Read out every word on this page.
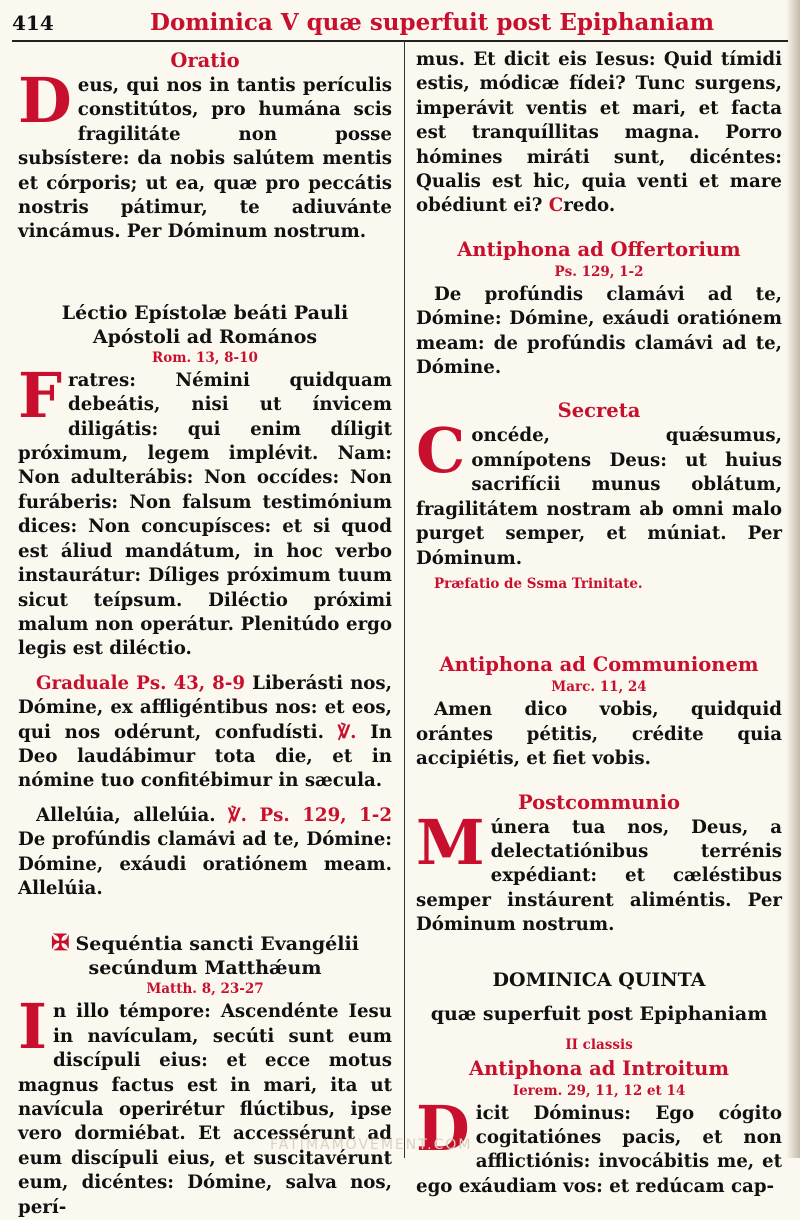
414	Dominica V quæ superfuit post Epiphaniam

Oratio

Deus, qui nos in tantis perículis constitútos, pro humána scis fragilitáte non posse subsístere: da nobis salútem mentis et córporis; ut ea, quæ pro peccátis nostris pátimur, te adiuvánte vincámus. Per Dóminum nostrum.

Léctio Epístolæ beáti Pauli Apóstoli ad Romános

Rom. 13, 8-10

Fratres: Némini quidquam debeátis, nisi ut ínvicem diligátis: qui enim díligit próximum, legem implévit. Nam: Non adulterábis: Non occídes: Non furáberis: Non falsum testimónium dices: Non concupísces: et si quod est áliud mandátum, in hoc verbo instaurátur: Díliges próximum tuum sicut teípsum. Diléctio próximi malum non operátur. Plenitúdo ergo legis est diléctio.

Graduale Ps. 43, 8-9 Liberásti nos, Dómine, ex affligéntibus nos: et eos, qui nos odérunt, confudísti. ℣. In Deo laudábimur tota die, et in nómine tuo confitébimur in sæcula.

Allelúia, allelúia. ℣. Ps. 129, 1-2 De profúndis clamávi ad te, Dómine: Dómine, exáudi oratiónem meam. Allelúia.

✠ Sequéntia sancti Evangélii secúndum Matthǽum

Matth. 8, 23-27

In illo témpore: Ascendénte Iesu in navículam, secúti sunt eum discípuli eius: et ecce motus magnus factus est in mari, ita ut navícula operirétur flúctibus, ipse vero dormiébat. Et accessérunt ad eum discípuli eius, et suscitavérunt eum, dicéntes: Dómine, salva nos, perí-

mus. Et dicit eis Iesus: Quid tímidi estis, módicæ fídei? Tunc surgens, imperávit ventis et mari, et facta est tranquíllitas magna. Porro hómines miráti sunt, dicéntes: Qualis est hic, quia venti et mare obédiunt ei? Credo.

Antiphona ad Offertorium

Ps. 129, 1-2

De profúndis clamávi ad te, Dómine: Dómine, exáudi oratiónem meam: de profúndis clamávi ad te, Dómine.

Secreta

Concéde, quǽsumus, omnípotens Deus: ut huius sacrifícii munus oblátum, fragilitátem nostram ab omni malo purget semper, et múniat. Per Dóminum.

Præfatio de Ssma Trinitate.

Antiphona ad Communionem

Marc. 11, 24

Amen dico vobis, quidquid orántes pétitis, crédite quia accipiétis, et fiet vobis.

Postcommunio

Múnera tua nos, Deus, a delectatiónibus terrénis expédiant: et cæléstibus semper instáurent aliméntis. Per Dóminum nostrum.

DOMINICA QUINTA

quæ superfuit post Epiphaniam

II classis

Antiphona ad Introitum

Ierem. 29, 11, 12 et 14

Dicit Dóminus: Ego cógito cogitatiónes pacis, et non afflictiónis: invocábitis me, et ego exáudiam vos: et redúcam cap-

FATIMAMOVEMENT.COM
